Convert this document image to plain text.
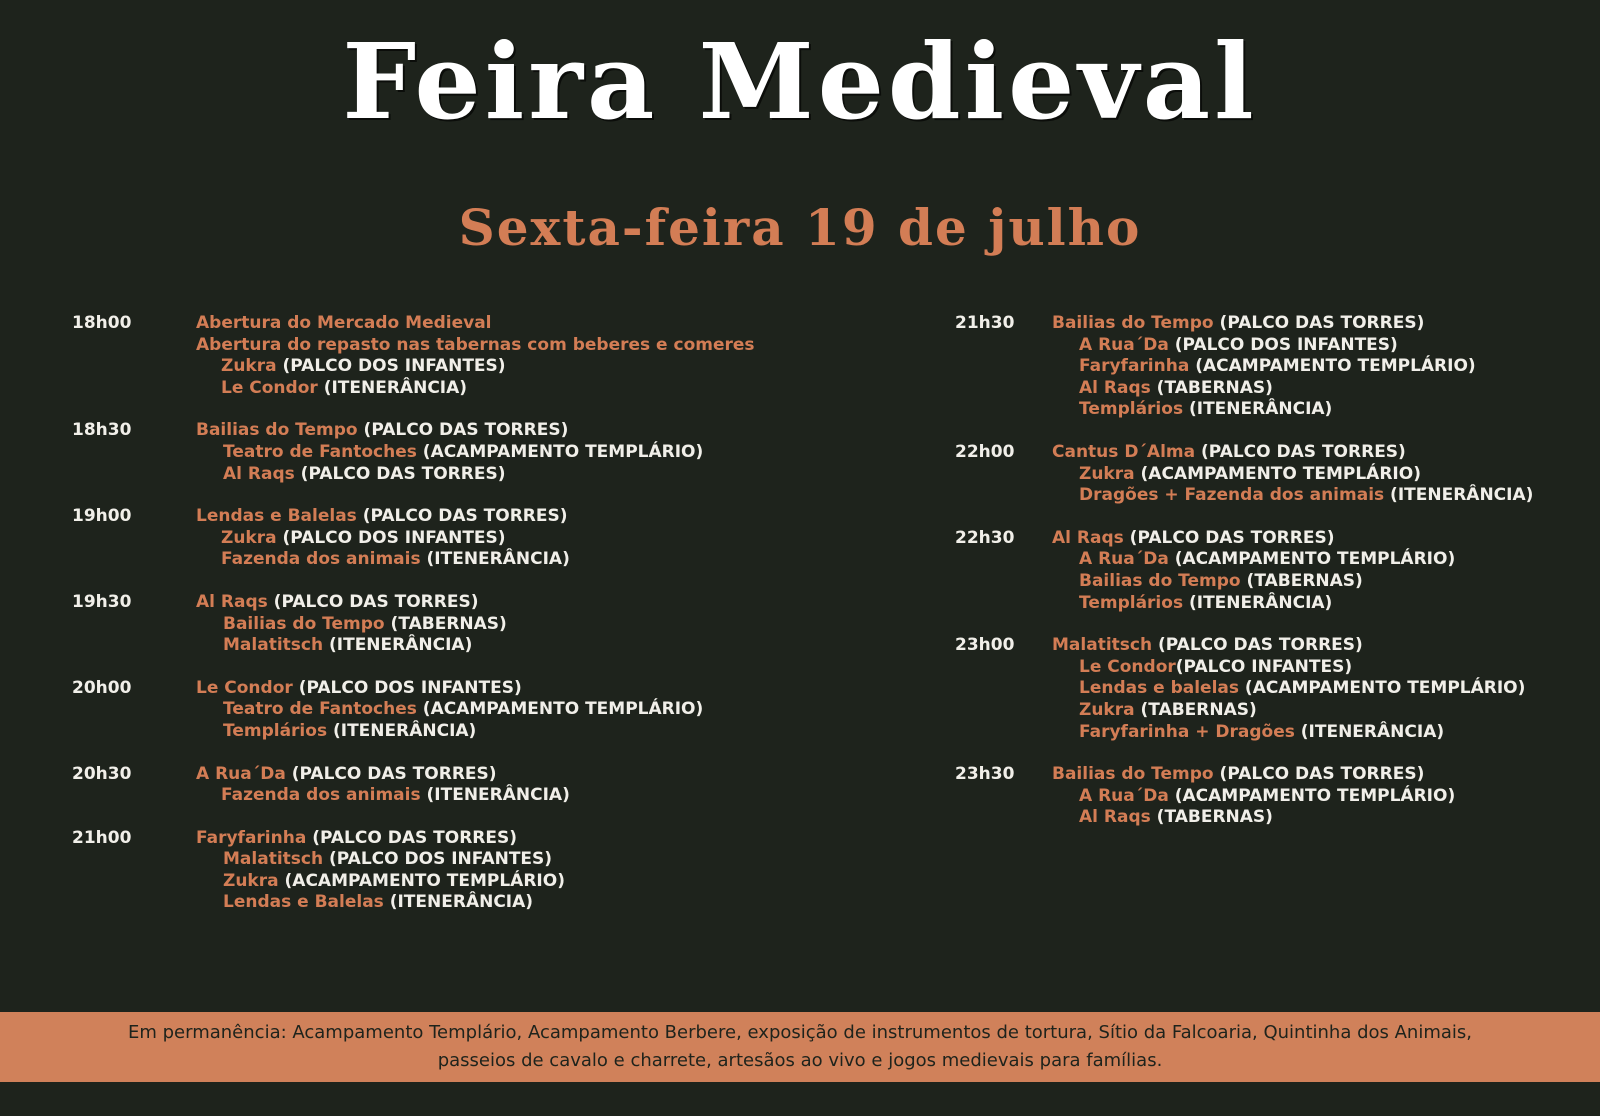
Feira Medieval
Sexta-feira 19 de julho
18h00	Abertura do Mercado Medieval
Abertura do repasto nas tabernas com beberes e comeres
Zukra (PALCO DOS INFANTES)
Le Condor (ITENERÂNCIA)
18h30	Bailias do Tempo (PALCO DAS TORRES)
Teatro de Fantoches (ACAMPAMENTO TEMPLÁRIO)
Al Raqs (PALCO DAS TORRES)
19h00	Lendas e Balelas (PALCO DAS TORRES)
Zukra (PALCO DOS INFANTES)
Fazenda dos animais (ITENERÂNCIA)
19h30	Al Raqs (PALCO DAS TORRES)
Bailias do Tempo (TABERNAS)
Malatitsch (ITENERÂNCIA)
20h00	Le Condor (PALCO DOS INFANTES)
Teatro de Fantoches (ACAMPAMENTO TEMPLÁRIO)
Templários (ITENERÂNCIA)
20h30	A Rua´Da (PALCO DAS TORRES)
Fazenda dos animais (ITENERÂNCIA)
21h00	Faryfarinha (PALCO DAS TORRES)
Malatitsch (PALCO DOS INFANTES)
Zukra (ACAMPAMENTO TEMPLÁRIO)
Lendas e Balelas (ITENERÂNCIA)
21h30 Bailias do Tempo (PALCO DAS TORRES)
A Rua´Da (PALCO DOS INFANTES)
Faryfarinha (ACAMPAMENTO TEMPLÁRIO)
Al Raqs (TABERNAS)
Templários (ITENERÂNCIA)
22h00 Cantus D´Alma (PALCO DAS TORRES)
Zukra (ACAMPAMENTO TEMPLÁRIO)
Dragões + Fazenda dos animais (ITENERÂNCIA)
22h30 Al Raqs (PALCO DAS TORRES)
A Rua´Da (ACAMPAMENTO TEMPLÁRIO)
Bailias do Tempo (TABERNAS)
Templários (ITENERÂNCIA)
23h00 Malatitsch (PALCO DAS TORRES)
Le Condor(PALCO INFANTES)
Lendas e balelas (ACAMPAMENTO TEMPLÁRIO)
Zukra (TABERNAS)
Faryfarinha + Dragões (ITENERÂNCIA)
23h30 Bailias do Tempo (PALCO DAS TORRES)
A Rua´Da (ACAMPAMENTO TEMPLÁRIO)
Al Raqs (TABERNAS)
Em permanência: Acampamento Templário, Acampamento Berbere, exposição de instrumentos de tortura, Sítio da Falcoaria, Quintinha dos Animais,
passeios de cavalo e charrete, artesãos ao vivo e jogos medievais para famílias.
